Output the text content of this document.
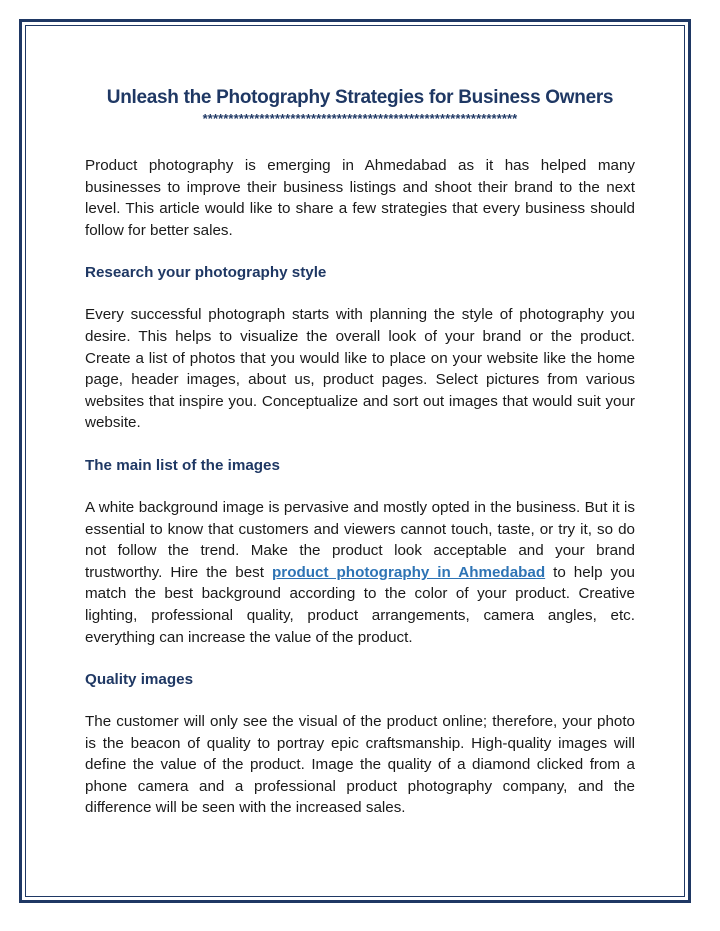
Unleash the Photography Strategies for Business Owners
*************************************************************

Product photography is emerging in Ahmedabad as it has helped many businesses to improve their business listings and shoot their brand to the next level. This article would like to share a few strategies that every business should follow for better sales.

Research your photography style

Every successful photograph starts with planning the style of photography you desire. This helps to visualize the overall look of your brand or the product. Create a list of photos that you would like to place on your website like the home page, header images, about us, product pages. Select pictures from various websites that inspire you. Conceptualize and sort out images that would suit your website.

The main list of the images

A white background image is pervasive and mostly opted in the business. But it is essential to know that customers and viewers cannot touch, taste, or try it, so do not follow the trend. Make the product look acceptable and your brand trustworthy. Hire the best product photography in Ahmedabad to help you match the best background according to the color of your product. Creative lighting, professional quality, product arrangements, camera angles, etc. everything can increase the value of the product.

Quality images

The customer will only see the visual of the product online; therefore, your photo is the beacon of quality to portray epic craftsmanship. High-quality images will define the value of the product. Image the quality of a diamond clicked from a phone camera and a professional product photography company, and the difference will be seen with the increased sales.
